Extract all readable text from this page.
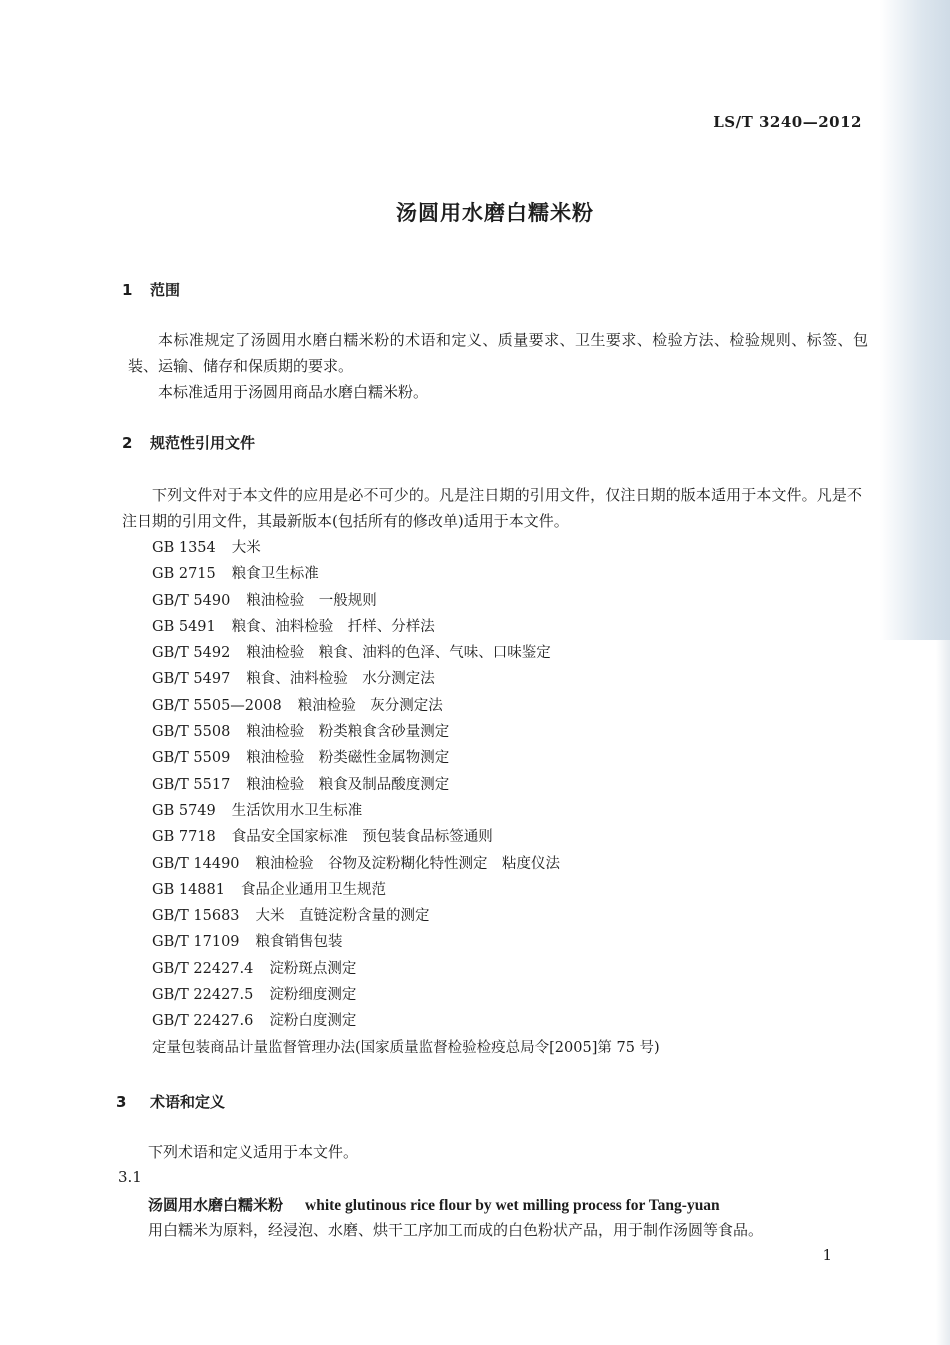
LS/T 3240—2012
汤圆用水磨白糯米粉
1 范围

本标准规定了汤圆用水磨白糯米粉的术语和定义、质量要求、卫生要求、检验方法、检验规则、标签、包装、运输、储存和保质期的要求。

本标准适用于汤圆用商品水磨白糯米粉。

2 规范性引用文件

下列文件对于本文件的应用是必不可少的。凡是注日期的引用文件，仅注日期的版本适用于本文件。凡是不注日期的引用文件，其最新版本(包括所有的修改单)适用于本文件。

GB 1354 大米
GB 2715 粮食卫生标准
GB/T 5490 粮油检验　一般规则
GB 5491 粮食、油料检验　扦样、分样法
GB/T 5492 粮油检验　粮食、油料的色泽、气味、口味鉴定
GB/T 5497 粮食、油料检验　水分测定法
GB/T 5505—2008 粮油检验　灰分测定法
GB/T 5508 粮油检验　粉类粮食含砂量测定
GB/T 5509 粮油检验　粉类磁性金属物测定
GB/T 5517 粮油检验　粮食及制品酸度测定
GB 5749 生活饮用水卫生标准
GB 7718 食品安全国家标准　预包装食品标签通则
GB/T 14490 粮油检验　谷物及淀粉糊化特性测定　粘度仪法
GB 14881 食品企业通用卫生规范
GB/T 15683 大米　直链淀粉含量的测定
GB/T 17109 粮食销售包装
GB/T 22427.4 淀粉斑点测定
GB/T 22427.5 淀粉细度测定
GB/T 22427.6 淀粉白度测定
定量包装商品计量监督管理办法(国家质量监督检验检疫总局令[2005]第 75 号)
3 术语和定义

下列术语和定义适用于本文件。

3.1
汤圆用水磨白糯米粉 white glutinous rice flour by wet milling process for Tang-yuan
用白糯米为原料，经浸泡、水磨、烘干工序加工而成的白色粉状产品，用于制作汤圆等食品。
1
